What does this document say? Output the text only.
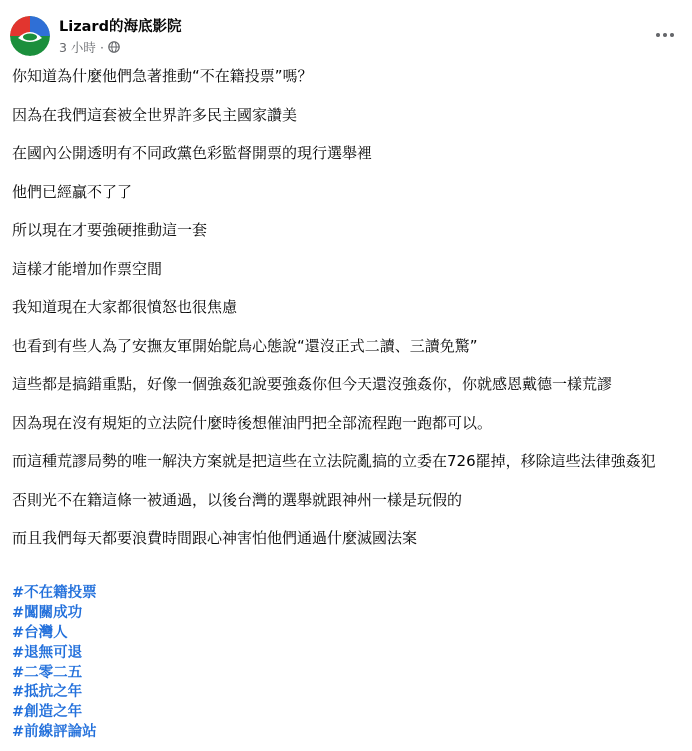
Lizard的海底影院
3 小時 ·
你知道為什麼他們急著推動“不在籍投票”嗎？
因為在我們這套被全世界許多民主國家讚美
在國內公開透明有不同政黨色彩監督開票的現行選舉裡
他們已經贏不了了
所以現在才要強硬推動這一套
這樣才能增加作票空間
我知道現在大家都很憤怒也很焦慮
也看到有些人為了安撫友軍開始鴕鳥心態說“還沒正式二讀、三讀免驚”
這些都是搞錯重點，好像一個強姦犯說要強姦你但今天還沒強姦你，你就感恩戴德一樣荒謬
因為現在沒有規矩的立法院什麼時後想催油門把全部流程跑一跑都可以。
而這種荒謬局勢的唯一解決方案就是把這些在立法院亂搞的立委在726罷掉，移除這些法律強姦犯
否則光不在籍這條一被通過，以後台灣的選舉就跟神州一樣是玩假的
而且我們每天都要浪費時間跟心神害怕他們通過什麼滅國法案
#不在籍投票
#闖關成功
#台灣人
#退無可退
#二零二五
#抵抗之年
#創造之年
#前線評論站
